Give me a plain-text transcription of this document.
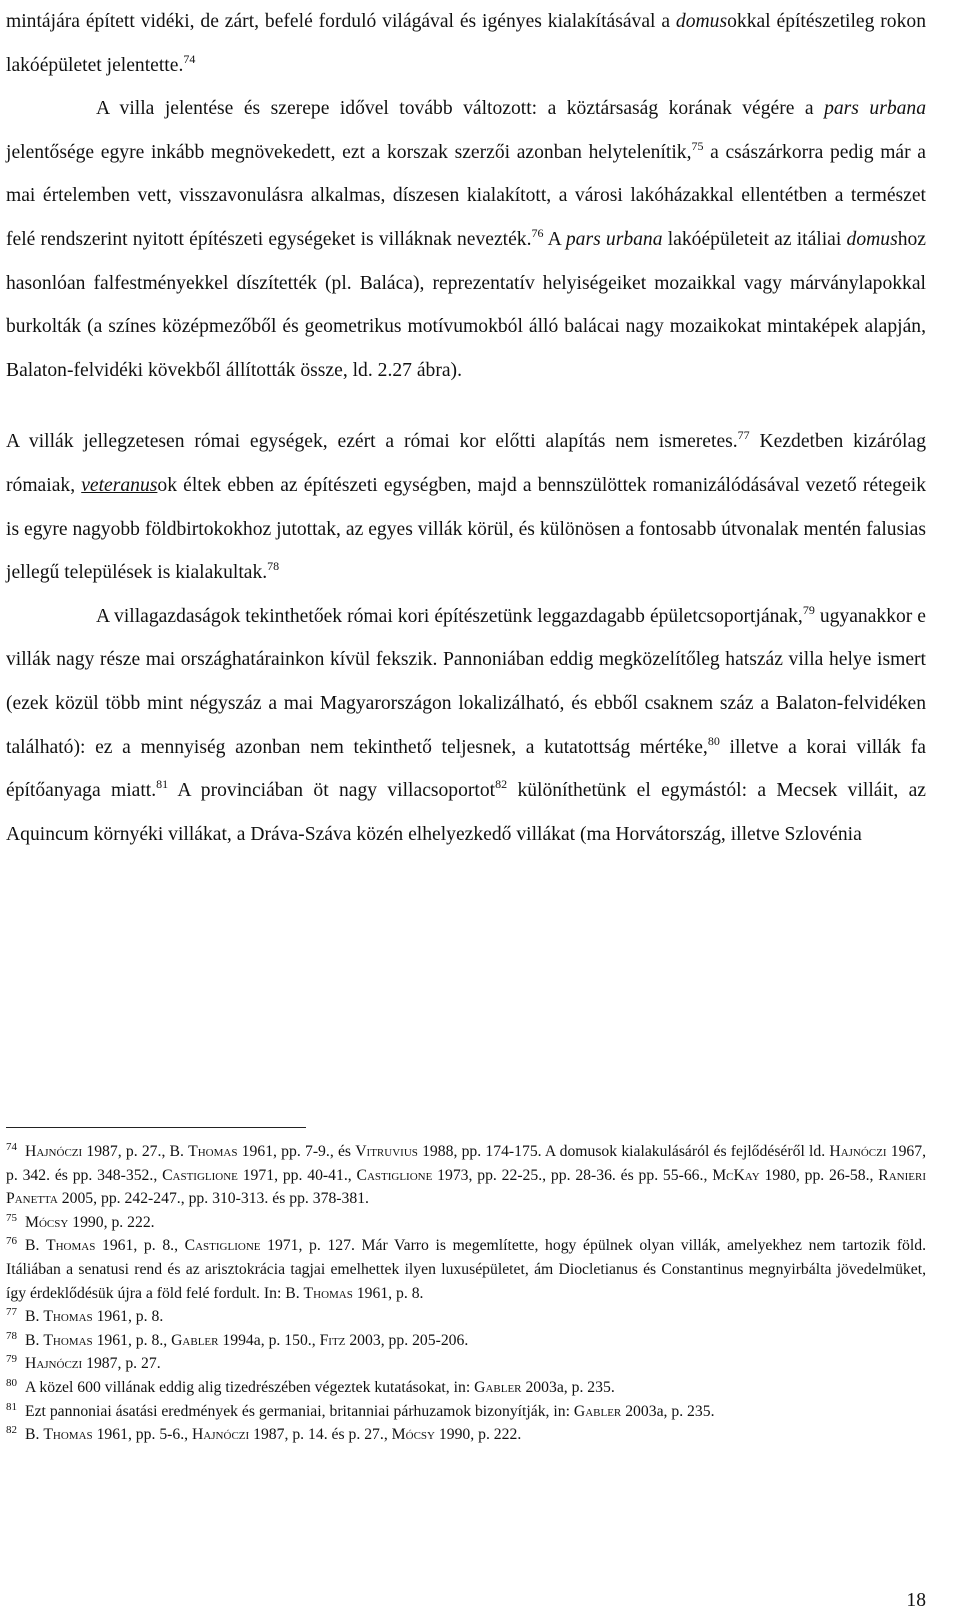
mintájára épített vidéki, de zárt, befelé forduló világával és igényes kialakításával a domusokkal építészetileg rokon lakóépületet jelentette.$^{74}$

A villa jelentése és szerepe idővel tovább változott: a köztársaság korának végére a pars urbana jelentősége egyre inkább megnövekedett, ezt a korszak szerzői azonban helytelenítik,$^{75}$ a császárkorra pedig már a mai értelemben vett, visszavonulásra alkalmas, díszesen kialakított, a városi lakóházakkal ellentétben a természet felé rendszerint nyitott építészeti egységeket is villáknak nevezték.$^{76}$ A pars urbana lakóépületeit az itáliai domushoz hasonlóan falfestményekkel díszítették (pl. Baláca), reprezentatív helyiségeiket mozaikkal vagy márványlapokkal burkolták (a színes középmezőből és geometrikus motívumokból álló balácai nagy mozaikokat mintaképek alapján, Balaton-felvidéki kövekből állították össze, ld. 2.27 ábra).

A villák jellegzetesen római egységek, ezért a római kor előtti alapítás nem ismeretes.$^{77}$ Kezdetben kizárólag rómaiak, veteranusok éltek ebben az építészeti egységben, majd a bennszülöttek romanizálódásával vezető rétegeik is egyre nagyobb földbirtokokhoz jutottak, az egyes villák körül, és különösen a fontosabb útvonalak mentén falusias jellegű települések is kialakultak.$^{78}$

A villagazdaságok tekinthetőek római kori építészetünk leggazdagabb épületcsoportjának,$^{79}$ ugyanakkor e villák nagy része mai országhatárainkon kívül fekszik. Pannoniában eddig megközelítőleg hatszáz villa helye ismert (ezek közül több mint négyszáz a mai Magyarországon lokalizálható, és ebből csaknem száz a Balaton-felvidéken található): ez a mennyiség azonban nem tekinthető teljesnek, a kutatottság mértéke,$^{80}$ illetve a korai villák fa építőanyaga miatt.$^{81}$ A provinciában öt nagy villacsoportot$^{82}$ különíthetünk el egymástól: a Mecsek villáit, az Aquincum környéki villákat, a Dráva-Száva közén elhelyezkedő villákat (ma Horvátország, illetve Szlovénia

$^{74}$ Hajnóczi 1987, p. 27., B. Thomas 1961, pp. 7-9., és Vitruvius 1988, pp. 174-175. A domusok kialakulásáról és fejlődéséről ld. Hajnóczi 1967, p. 342. és pp. 348-352., Castiglione 1971, pp. 40-41., Castiglione 1973, pp. 22-25., pp. 28-36. és pp. 55-66., McKay 1980, pp. 26-58., Ranieri Panetta 2005, pp. 242-247., pp. 310-313. és pp. 378-381.
$^{75}$ Mócsy 1990, p. 222.
$^{76}$ B. Thomas 1961, p. 8., Castiglione 1971, p. 127. Már Varro is megemlítette, hogy épülnek olyan villák, amelyekhez nem tartozik föld. Itáliában a senatusi rend és az arisztokrácia tagjai emelhettek ilyen luxusépületet, ám Diocletianus és Constantinus megnyirbálta jövedelmüket, így érdeklődésük újra a föld felé fordult. In: B. Thomas 1961, p. 8.
$^{77}$ B. Thomas 1961, p. 8.
$^{78}$ B. Thomas 1961, p. 8., Gabler 1994a, p. 150., Fitz 2003, pp. 205-206.
$^{79}$ Hajnóczi 1987, p. 27.
$^{80}$ A közel 600 villának eddig alig tizedrészében végeztek kutatásokat, in: Gabler 2003a, p. 235.
$^{81}$ Ezt pannoniai ásatási eredmények és germaniai, britanniai párhuzamok bizonyítják, in: Gabler 2003a, p. 235.
$^{82}$ B. Thomas 1961, pp. 5-6., Hajnóczi 1987, p. 14. és p. 27., Mócsy 1990, p. 222.
18
